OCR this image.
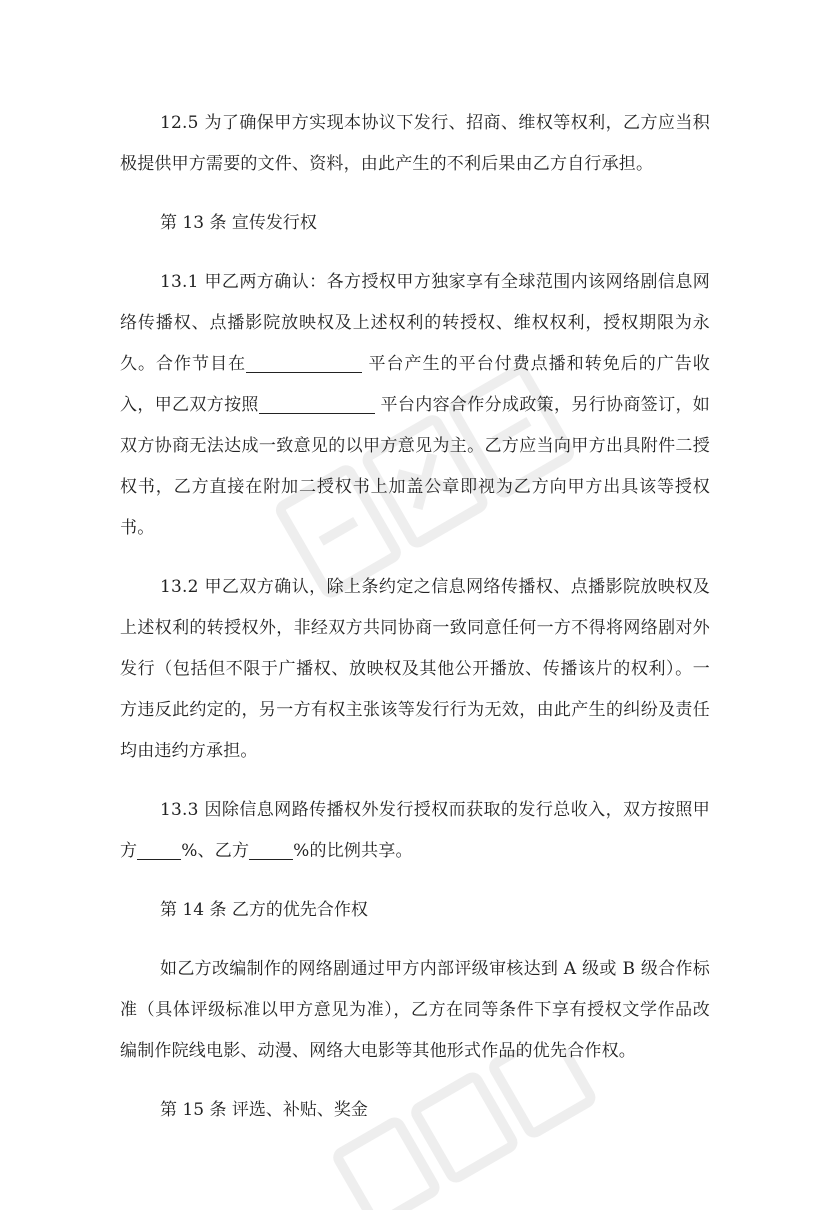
12.5 为了确保甲方实现本协议下发行、招商、维权等权利，乙方应当积极提供甲方需要的文件、资料，由此产生的不利后果由乙方自行承担。

第 13 条 宣传发行权

13.1 甲乙两方确认：各方授权甲方独家享有全球范围内该网络剧信息网络传播权、点播影院放映权及上述权利的转授权、维权权利，授权期限为永久。合作节目在	平台产生的平台付费点播和转免后的广告收入，甲乙双方按照	平台内容合作分成政策，另行协商签订，如双方协商无法达成一致意见的以甲方意见为主。乙方应当向甲方出具附件二授权书，乙方直接在附加二授权书上加盖公章即视为乙方向甲方出具该等授权书。

13.2 甲乙双方确认，除上条约定之信息网络传播权、点播影院放映权及上述权利的转授权外，非经双方共同协商一致同意任何一方不得将网络剧对外发行（包括但不限于广播权、放映权及其他公开播放、传播该片的权利）。一方违反此约定的，另一方有权主张该等发行行为无效，由此产生的纠纷及责任均由违约方承担。

13.3 因除信息网路传播权外发行授权而获取的发行总收入，双方按照甲方	%、乙方	%的比例共享。

第 14 条 乙方的优先合作权

如乙方改编制作的网络剧通过甲方内部评级审核达到 A 级或 B 级合作标准（具体评级标准以甲方意见为准），乙方在同等条件下享有授权文学作品改编制作院线电影、动漫、网络大电影等其他形式作品的优先合作权。

第 15 条 评选、补贴、奖金
